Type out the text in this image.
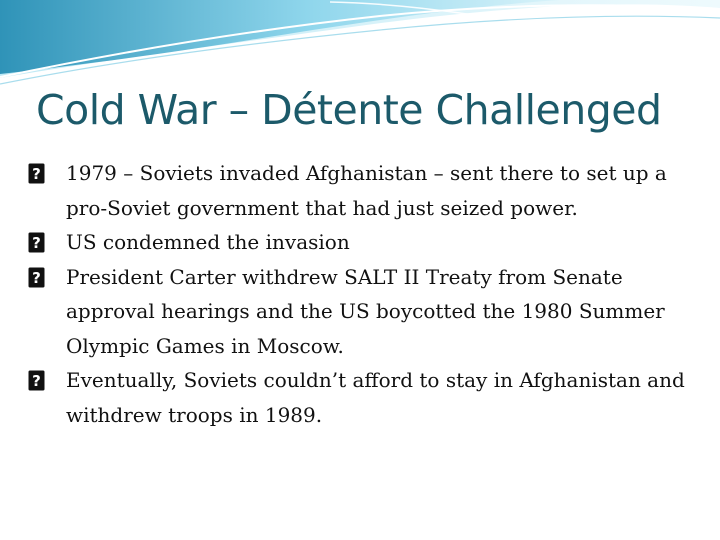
Cold War – Détente Challenged
? 1979 – Soviets invaded Afghanistan – sent there to set up a pro-Soviet government that had just seized power.
? US condemned the invasion
? President Carter withdrew SALT II Treaty from Senate approval hearings and the US boycotted the 1980 Summer Olympic Games in Moscow.
? Eventually, Soviets couldn’t afford to stay in Afghanistan and withdrew troops in 1989.
